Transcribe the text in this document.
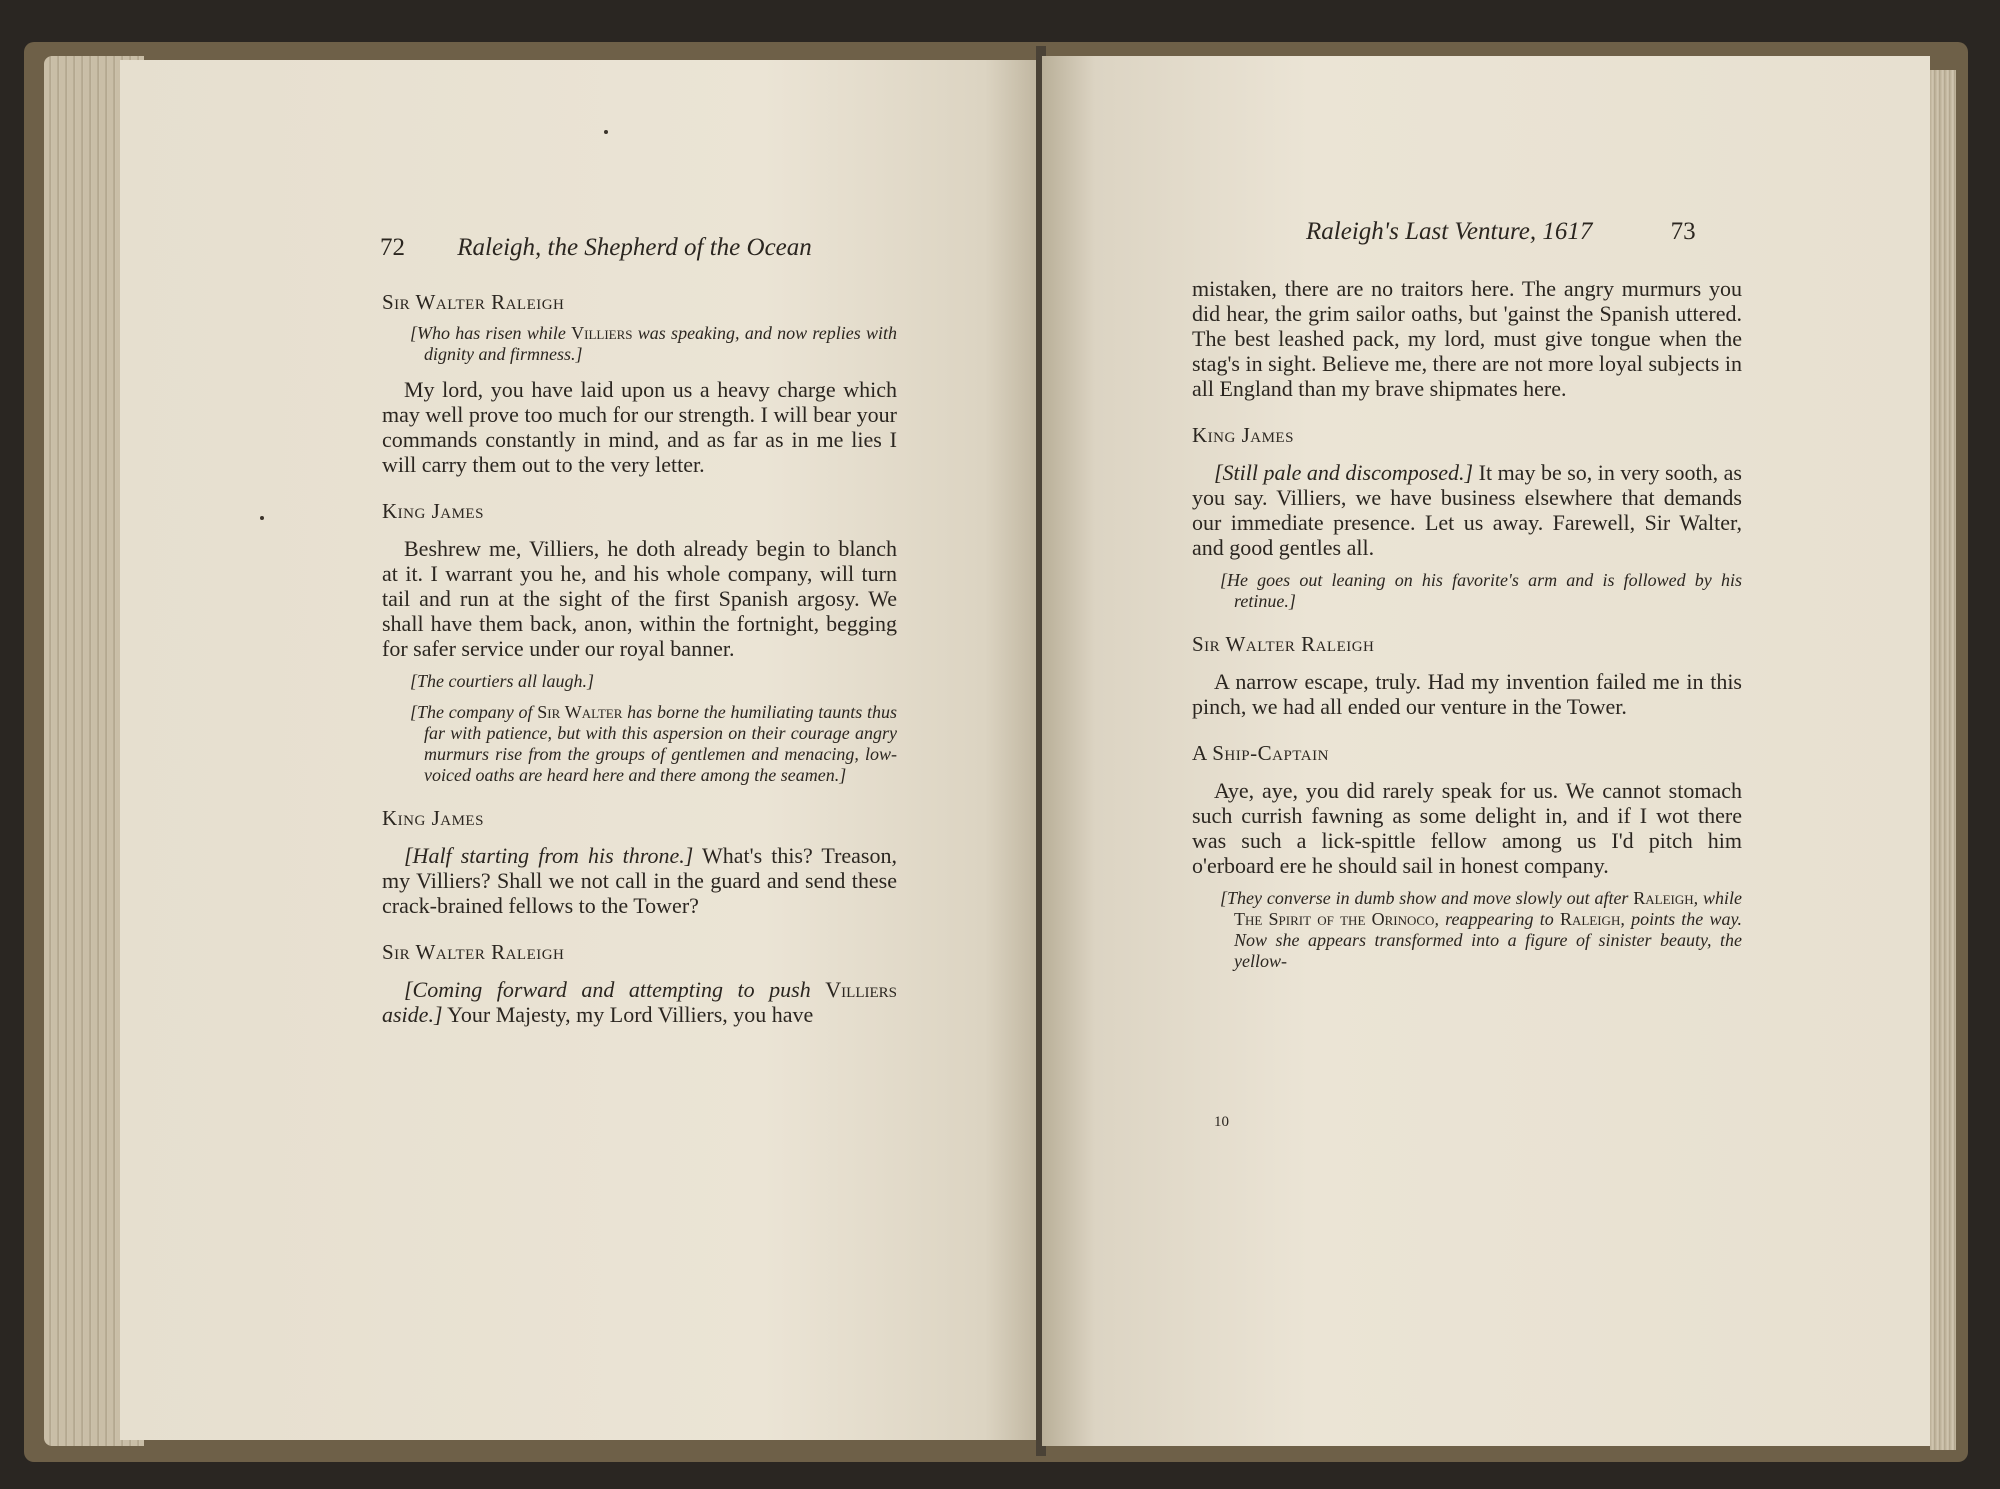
72 Raleigh, the Shepherd of the Ocean

Sir Walter Raleigh

[Who has risen while Villiers was speaking, and now replies with dignity and firmness.]

My lord, you have laid upon us a heavy charge which may well prove too much for our strength. I will bear your commands constantly in mind, and as far as in me lies I will carry them out to the very letter.

King James

Beshrew me, Villiers, he doth already begin to blanch at it. I warrant you he, and his whole company, will turn tail and run at the sight of the first Spanish argosy. We shall have them back, anon, within the fortnight, begging for safer service under our royal banner.

[The courtiers all laugh.]

[The company of Sir Walter has borne the humiliating taunts thus far with patience, but with this aspersion on their courage angry murmurs rise from the groups of gentlemen and menacing, low-voiced oaths are heard here and there among the seamen.]

King James

[Half starting from his throne.] What's this? Treason, my Villiers? Shall we not call in the guard and send these crack-brained fellows to the Tower?

Sir Walter Raleigh

[Coming forward and attempting to push Villiers aside.] Your Majesty, my Lord Villiers, you have

Raleigh's Last Venture, 1617	73

mistaken, there are no traitors here. The angry murmurs you did hear, the grim sailor oaths, but 'gainst the Spanish uttered. The best leashed pack, my lord, must give tongue when the stag's in sight. Believe me, there are not more loyal subjects in all England than my brave shipmates here.

King James

[Still pale and discomposed.] It may be so, in very sooth, as you say. Villiers, we have business elsewhere that demands our immediate presence. Let us away. Farewell, Sir Walter, and good gentles all.

[He goes out leaning on his favorite's arm and is followed by his retinue.]

Sir Walter Raleigh

A narrow escape, truly. Had my invention failed me in this pinch, we had all ended our venture in the Tower.

A Ship-Captain

Aye, aye, you did rarely speak for us. We cannot stomach such currish fawning as some delight in, and if I wot there was such a lick-spittle fellow among us I'd pitch him o'erboard ere he should sail in honest company.

[They converse in dumb show and move slowly out after Raleigh, while The Spirit of the Orinoco, reappearing to Raleigh, points the way. Now she appears transformed into a figure of sinister beauty, the yellow-

10
